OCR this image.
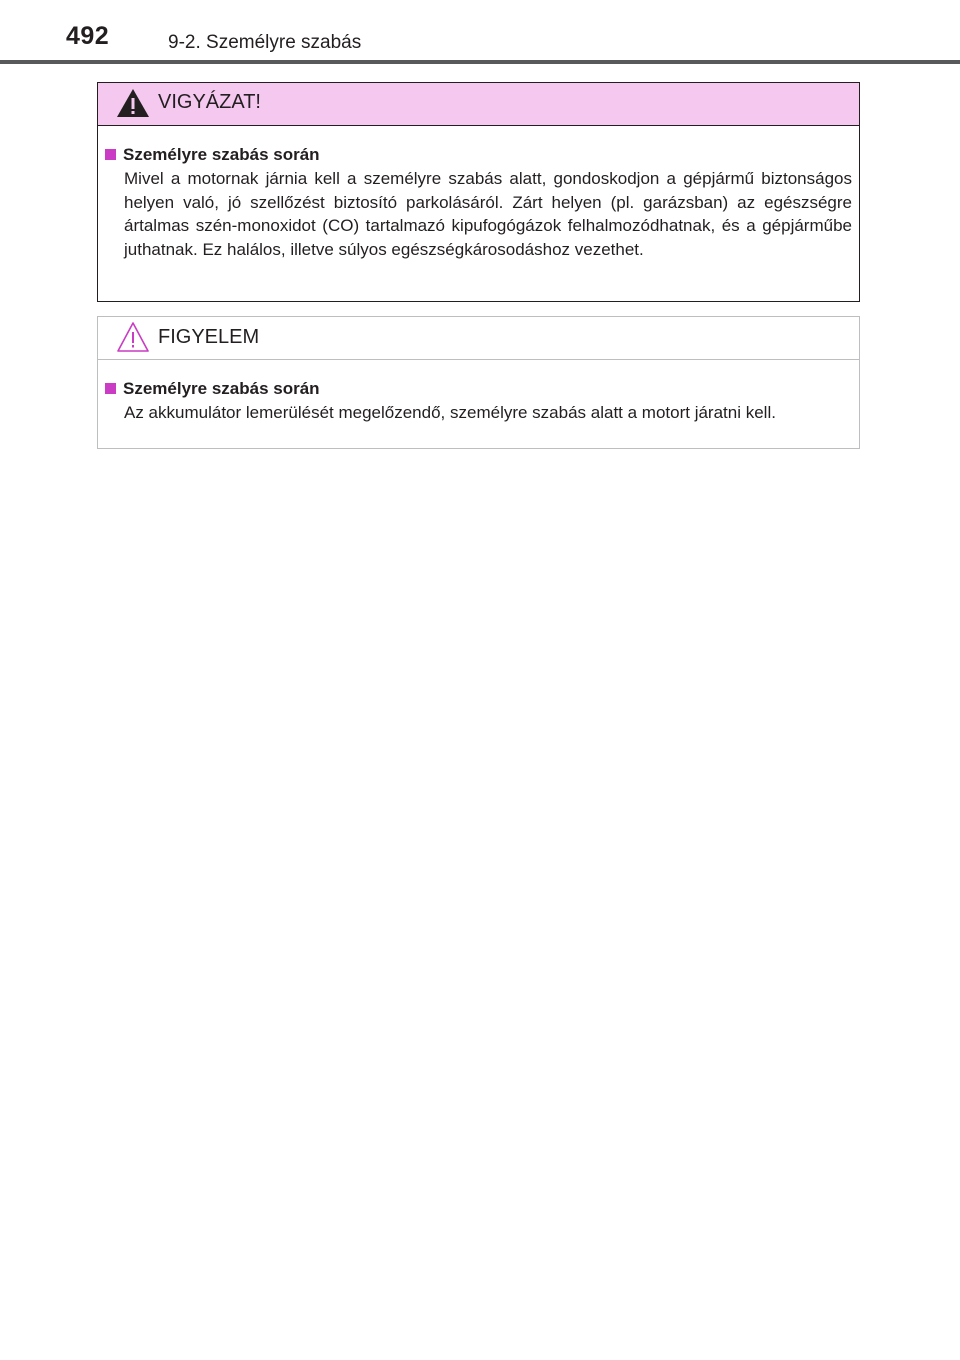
492	9-2. Személyre szabás
VIGYÁZAT!
Személyre szabás során

Mivel a motornak járnia kell a személyre szabás alatt, gondoskodjon a gépjármű biztonságos helyen való, jó szellőzést biztosító parkolásáról. Zárt helyen (pl. garázsban) az egészségre ártalmas szén-monoxidot (CO) tartalmazó kipufogógázok felhalmozódhatnak, és a gépjárműbe juthatnak. Ez halálos, illetve súlyos egészségkárosodáshoz vezethet.

FIGYELEM
Személyre szabás során

Az akkumulátor lemerülését megelőzendő, személyre szabás alatt a motort járatni kell.
